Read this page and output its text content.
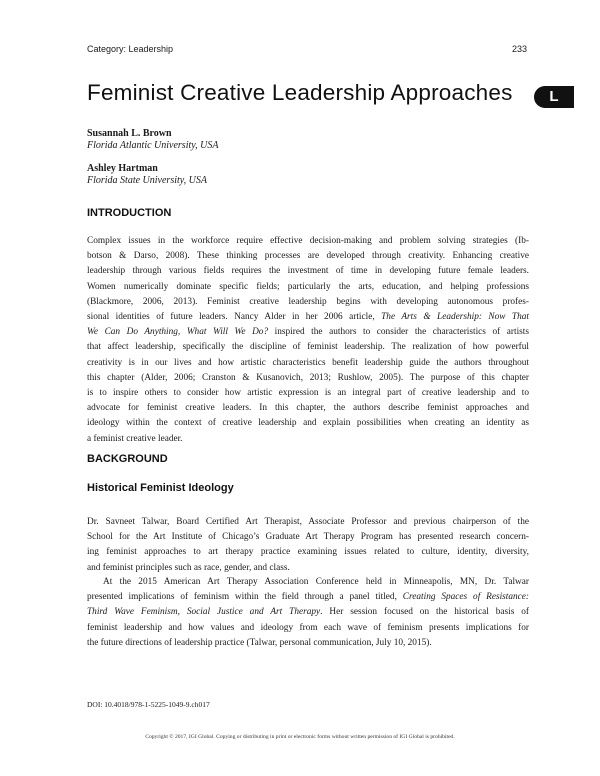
Category: Leadership	233
Feminist Creative Leadership Approaches	L
Susannah L. Brown
Florida Atlantic University, USA
Ashley Hartman
Florida State University, USA
INTRODUCTION
Complex issues in the workforce require effective decision-making and problem solving strategies (Ib-
botson & Darso, 2008). These thinking processes are developed through creativity. Enhancing creative
leadership through various fields requires the investment of time in developing future female leaders.
Women numerically dominate specific fields; particularly the arts, education, and helping professions
(Blackmore, 2006, 2013). Feminist creative leadership begins with developing autonomous profes-
sional identities of future leaders. Nancy Alder in her 2006 article, The Arts & Leadership: Now That
We Can Do Anything, What Will We Do? inspired the authors to consider the characteristics of artists
that affect leadership, specifically the discipline of feminist leadership. The realization of how powerful
creativity is in our lives and how artistic characteristics benefit leadership guide the authors throughout
this chapter (Alder, 2006; Cranston & Kusanovich, 2013; Rushlow, 2005). The purpose of this chapter
is to inspire others to consider how artistic expression is an integral part of creative leadership and to
advocate for feminist creative leaders. In this chapter, the authors describe feminist approaches and
ideology within the context of creative leadership and explain possibilities when creating an identity as
a feminist creative leader.
BACKGROUND
Historical Feminist Ideology
Dr. Savneet Talwar, Board Certified Art Therapist, Associate Professor and previous chairperson of the
School for the Art Institute of Chicago’s Graduate Art Therapy Program has presented research concern-
ing feminist approaches to art therapy practice examining issues related to culture, identity, diversity,
and feminist principles such as race, gender, and class.
At the 2015 American Art Therapy Association Conference held in Minneapolis, MN, Dr. Talwar
presented implications of feminism within the field through a panel titled, Creating Spaces of Resistance:
Third Wave Feminism, Social Justice and Art Therapy. Her session focused on the historical basis of
feminist leadership and how values and ideology from each wave of feminism presents implications for
the future directions of leadership practice (Talwar, personal communication, July 10, 2015).
DOI: 10.4018/978-1-5225-1049-9.ch017
Copyright © 2017, IGI Global. Copying or distributing in print or electronic forms without written permission of IGI Global is prohibited.
